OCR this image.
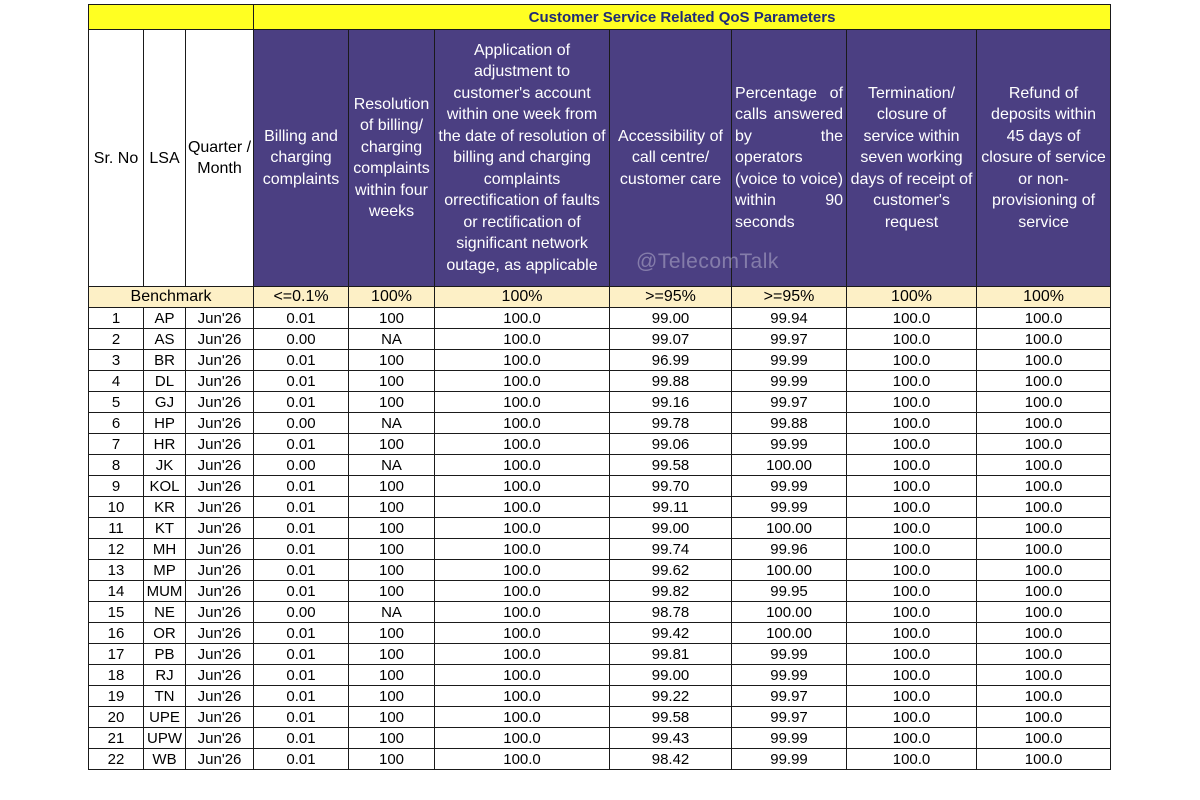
			Customer Service Related QoS Parameters						
Sr. No	LSA	Quarter / Month	Billing and charging complaints	Resolution of billing/ charging complaints within four weeks	Application of adjustment to customer's account within one week from the date of resolution of billing and charging complaints orrectification of faults or rectification of significant network outage, as applicable	Accessibility of call centre/ customer care	Percentage of calls answered by the operators (voice to voice) within 90 seconds	Termination/ closure of service within seven working days of receipt of customer's request	Refund of deposits within 45 days of closure of service or non-provisioning of service
Benchmark			<=0.1%	100%	100%	>=95%	>=95%	100%	100%
1	AP	Jun'26	0.01	100	100.0	99.00	99.94	100.0	100.0
2	AS	Jun'26	0.00	NA	100.0	99.07	99.97	100.0	100.0
3	BR	Jun'26	0.01	100	100.0	96.99	99.99	100.0	100.0
4	DL	Jun'26	0.01	100	100.0	99.88	99.99	100.0	100.0
5	GJ	Jun'26	0.01	100	100.0	99.16	99.97	100.0	100.0
6	HP	Jun'26	0.00	NA	100.0	99.78	99.88	100.0	100.0
7	HR	Jun'26	0.01	100	100.0	99.06	99.99	100.0	100.0
8	JK	Jun'26	0.00	NA	100.0	99.58	100.00	100.0	100.0
9	KOL	Jun'26	0.01	100	100.0	99.70	99.99	100.0	100.0
10	KR	Jun'26	0.01	100	100.0	99.11	99.99	100.0	100.0
11	KT	Jun'26	0.01	100	100.0	99.00	100.00	100.0	100.0
12	MH	Jun'26	0.01	100	100.0	99.74	99.96	100.0	100.0
13	MP	Jun'26	0.01	100	100.0	99.62	100.00	100.0	100.0
14	MUM	Jun'26	0.01	100	100.0	99.82	99.95	100.0	100.0
15	NE	Jun'26	0.00	NA	100.0	98.78	100.00	100.0	100.0
16	OR	Jun'26	0.01	100	100.0	99.42	100.00	100.0	100.0
17	PB	Jun'26	0.01	100	100.0	99.81	99.99	100.0	100.0
18	RJ	Jun'26	0.01	100	100.0	99.00	99.99	100.0	100.0
19	TN	Jun'26	0.01	100	100.0	99.22	99.97	100.0	100.0
20	UPE	Jun'26	0.01	100	100.0	99.58	99.97	100.0	100.0
21	UPW	Jun'26	0.01	100	100.0	99.43	99.99	100.0	100.0
22	WB	Jun'26	0.01	100	100.0	98.42	99.99	100.0	100.0
@TelecomTalk
